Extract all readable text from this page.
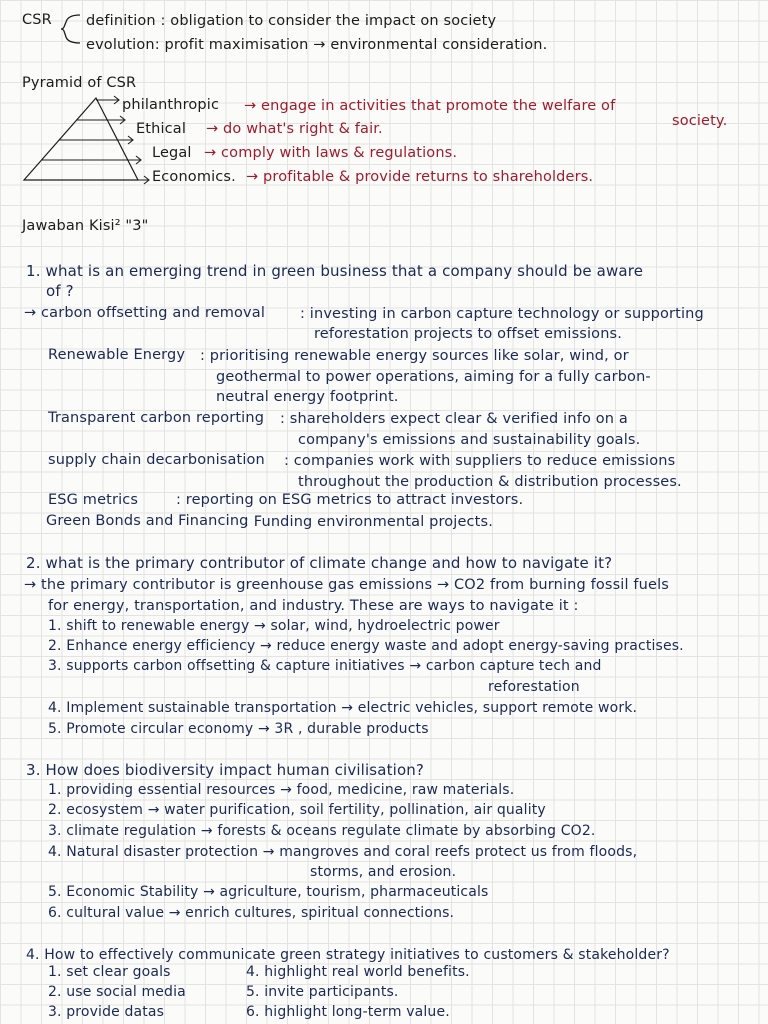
CSR definition : obligation to consider the impact on society
evolution: profit maximisation → environmental consideration.
Pyramid of CSR
philanthropic → engage in activities that promote the welfare of
society.
Ethical → do what's right & fair.
Legal → comply with laws & regulations.
Economics. → profitable & provide returns to shareholders.
Jawaban Kisi² "3"
1. what is an emerging trend in green business that a company should be aware
of ?
→ carbon offsetting and removal : investing in carbon capture technology or supporting
reforestation projects to offset emissions.
Renewable Energy : prioritising renewable energy sources like solar, wind, or
geothermal to power operations, aiming for a fully carbon-
neutral energy footprint.
Transparent carbon reporting : shareholders expect clear & verified info on a
company's emissions and sustainability goals.
supply chain decarbonisation : companies work with suppliers to reduce emissions
throughout the production & distribution processes.
ESG metrics	: reporting on ESG metrics to attract investors.
Green Bonds and Financing
: Funding environmental projects.
2. what is the primary contributor of climate change and how to navigate it?
→ the primary contributor is greenhouse gas emissions → CO2 from burning fossil fuels
for energy, transportation, and industry. These are ways to navigate it :
1. shift to renewable energy → solar, wind, hydroelectric power
2. Enhance energy efficiency → reduce energy waste and adopt energy-saving practises.
3. supports carbon offsetting & capture initiatives → carbon capture tech and
reforestation
4. Implement sustainable transportation → electric vehicles, support remote work.
5. Promote circular economy → 3R , durable products
3. How does biodiversity impact human civilisation?
1. providing essential resources → food, medicine, raw materials.
2. ecosystem → water purification, soil fertility, pollination, air quality
3. climate regulation → forests & oceans regulate climate by absorbing CO2.
4. Natural disaster protection → mangroves and coral reefs protect us from floods,
storms, and erosion.
5. Economic Stability → agriculture, tourism, pharmaceuticals
6. cultural value → enrich cultures, spiritual connections.
4. How to effectively communicate green strategy initiatives to customers & stakeholder?
1. set clear goals
2. use social media
3. provide datas
4. highlight real world benefits.
5. invite participants.
6. highlight long-term value.
